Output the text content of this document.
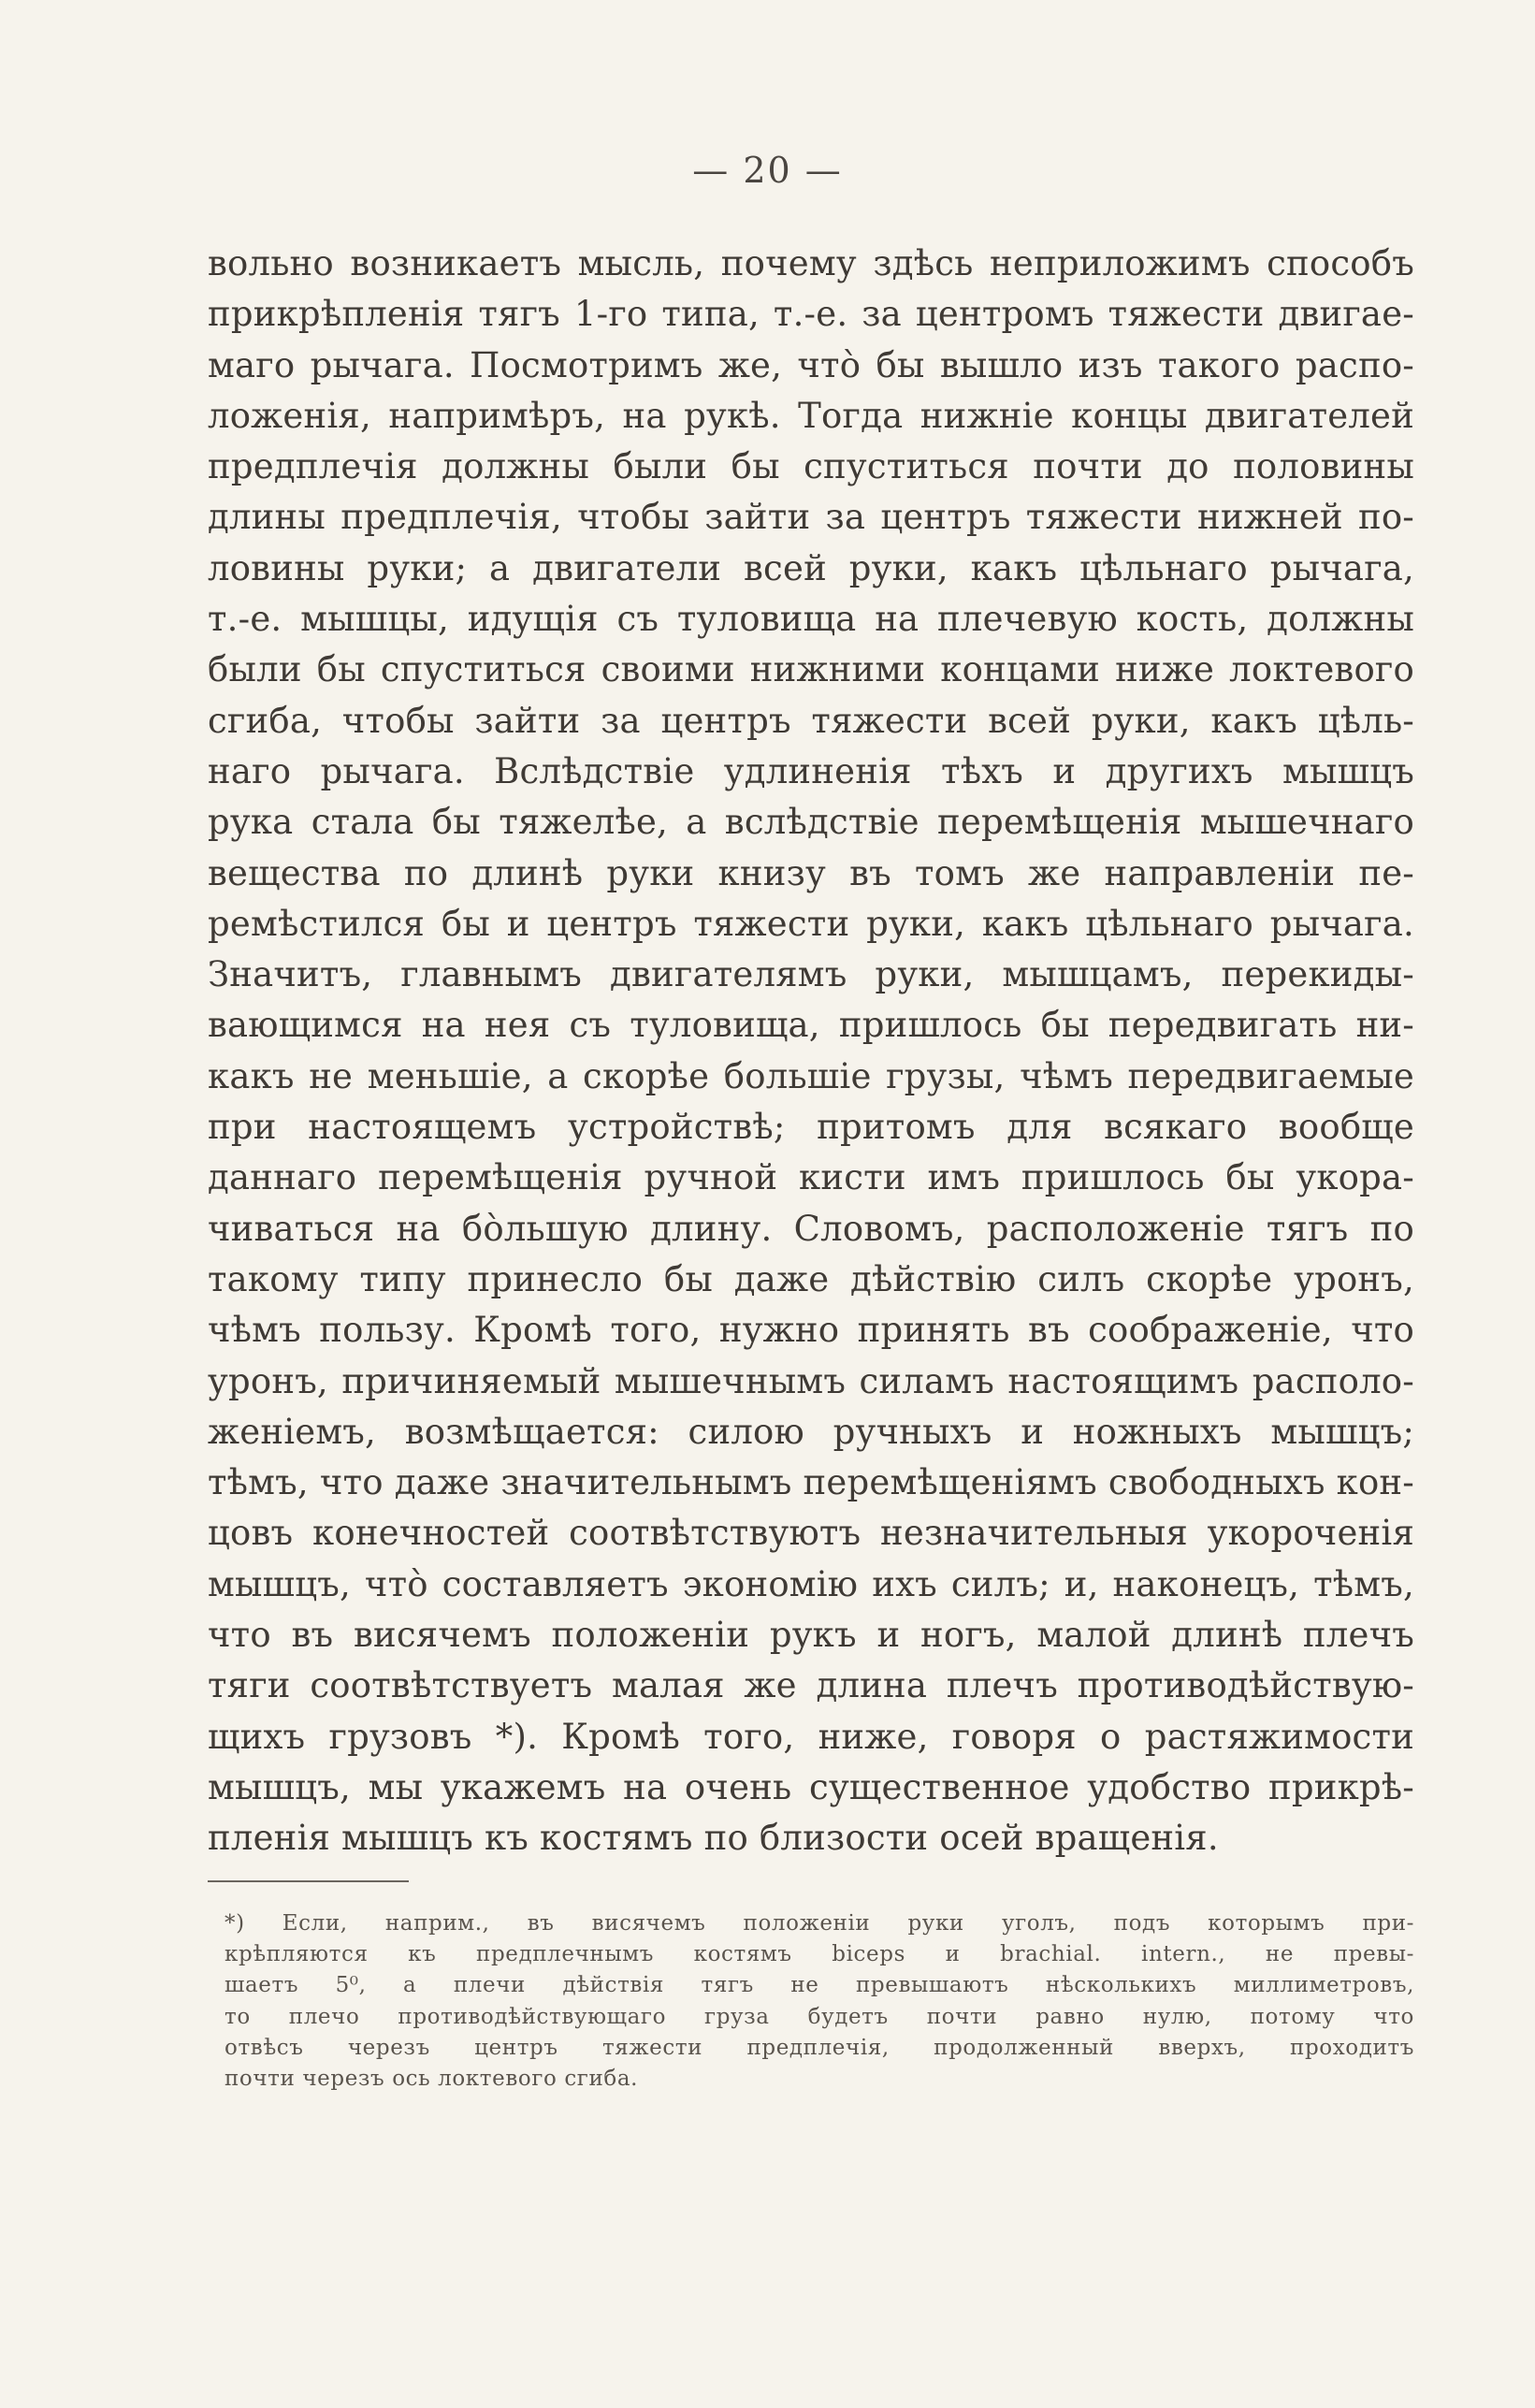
— 20 —
вольно возникаетъ мысль, почему здѣсь неприложимъ способъ
прикрѣпленія тягъ 1-го типа, т.-е. за центромъ тяжести двигае-
маго рычага. Посмотримъ же, что̀ бы вышло изъ такого распо-
ложенія, напримѣръ, на рукѣ. Тогда нижніе концы двигателей
предплечія должны были бы спуститься почти до половины
длины предплечія, чтобы зайти за центръ тяжести нижней по-
ловины руки; а двигатели всей руки, какъ цѣльнаго рычага,
т.-е. мышцы, идущія съ туловища на плечевую кость, должны
были бы спуститься своими нижними концами ниже локтевого
сгиба, чтобы зайти за центръ тяжести всей руки, какъ цѣль-
наго рычага. Вслѣдствіе удлиненія тѣхъ и другихъ мышцъ
рука стала бы тяжелѣе, а вслѣдствіе перемѣщенія мышечнаго
вещества по длинѣ руки книзу въ томъ же направленіи пе-
ремѣстился бы и центръ тяжести руки, какъ цѣльнаго рычага.
Значитъ, главнымъ двигателямъ руки, мышцамъ, перекиды-
вающимся на нея съ туловища, пришлось бы передвигать ни-
какъ не меньшіе, а скорѣе большіе грузы, чѣмъ передвигаемые
при настоящемъ устройствѣ; притомъ для всякаго вообще
даннаго перемѣщенія ручной кисти имъ пришлось бы укора-
чиваться на бо̀льшую длину. Словомъ, расположеніе тягъ по
такому типу принесло бы даже дѣйствію силъ скорѣе уронъ,
чѣмъ пользу. Кромѣ того, нужно принять въ соображеніе, что
уронъ, причиняемый мышечнымъ силамъ настоящимъ располо-
женіемъ, возмѣщается: силою ручныхъ и ножныхъ мышцъ;
тѣмъ, что даже значительнымъ перемѣщеніямъ свободныхъ кон-
цовъ конечностей соотвѣтствуютъ незначительныя укороченія
мышцъ, что̀ составляетъ экономію ихъ силъ; и, наконецъ, тѣмъ,
что въ висячемъ положеніи рукъ и ногъ, малой длинѣ плечъ
тяги соотвѣтствуетъ малая же длина плечъ противодѣйствую-
щихъ грузовъ *). Кромѣ того, ниже, говоря о растяжимости
мышцъ, мы укажемъ на очень существенное удобство прикрѣ-
пленія мышцъ къ костямъ по близости осей вращенія.
*) Если, наприм., въ висячемъ положеніи руки уголъ, подъ которымъ при-
крѣпляются къ предплечнымъ костямъ biceps и brachial. intern., не превы-
шаетъ 5⁰, а плечи дѣйствія тягъ не превышаютъ нѣсколькихъ миллиметровъ,
то плечо противодѣйствующаго груза будетъ почти равно нулю, потому что
отвѣсъ черезъ центръ тяжести предплечія, продолженный вверхъ, проходитъ
почти черезъ ось локтевого сгиба.
